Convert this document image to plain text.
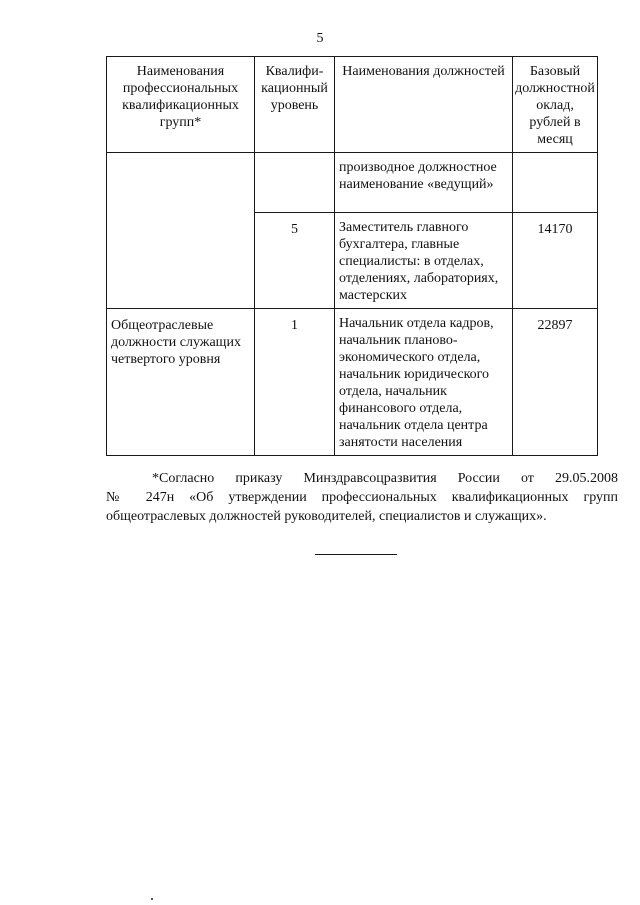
5
Наименования профессиональных квалификационных групп*	Квалифи-кационный уровень	Наименования должностей	Базовый должностной оклад, рублей в месяц
		производное должностное наименование «ведущий»	
	5	Заместитель главного бухгалтера, главные специалисты: в отделах, отделениях, лабораториях, мастерских	14170
Общеотраслевые должности служащих четвертого уровня	1	Начальник отдела кадров, начальник планово-экономического отдела, начальник юридического отдела, начальник финансового отдела, начальник отдела центра занятости населения	22897
*Согласно приказу Минздравсоцразвития России от 29.05.2008
№ 247н «Об утверждении профессиональных квалификационных групп
общеотраслевых должностей руководителей, специалистов и служащих».
